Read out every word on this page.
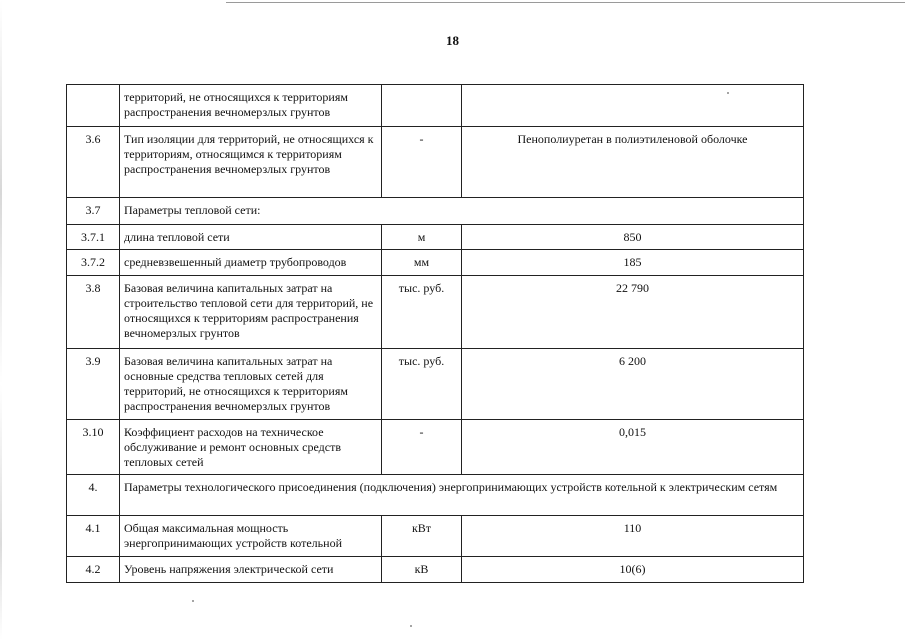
18
	территорий, не относящихся к территориям распространения вечномерзлых грунтов		
3.6	Тип изоляции для территорий, не относящихся к территориям, относящимся к территориям распространения вечномерзлых грунтов	-	Пенополиуретан в полиэтиленовой оболочке
3.7	Параметры тепловой сети:		
3.7.1	длина тепловой сети	м	850
3.7.2	средневзвешенный диаметр трубопроводов	мм	185
3.8	Базовая величина капитальных затрат на строительство тепловой сети для территорий, не относящихся к территориям распространения вечномерзлых грунтов	тыс. руб.	22 790
3.9	Базовая величина капитальных затрат на основные средства тепловых сетей для территорий, не относящихся к территориям распространения вечномерзлых грунтов	тыс. руб.	6 200
3.10	Коэффициент расходов на техническое обслуживание и ремонт основных средств тепловых сетей	-	0,015
4.	Параметры технологического присоединения (подключения) энергопринимающих устройств котельной к электрическим сетям		
4.1	Общая максимальная мощность энергопринимающих устройств котельной	кВт	110
4.2	Уровень напряжения электрической сети	кВ	10(6)
